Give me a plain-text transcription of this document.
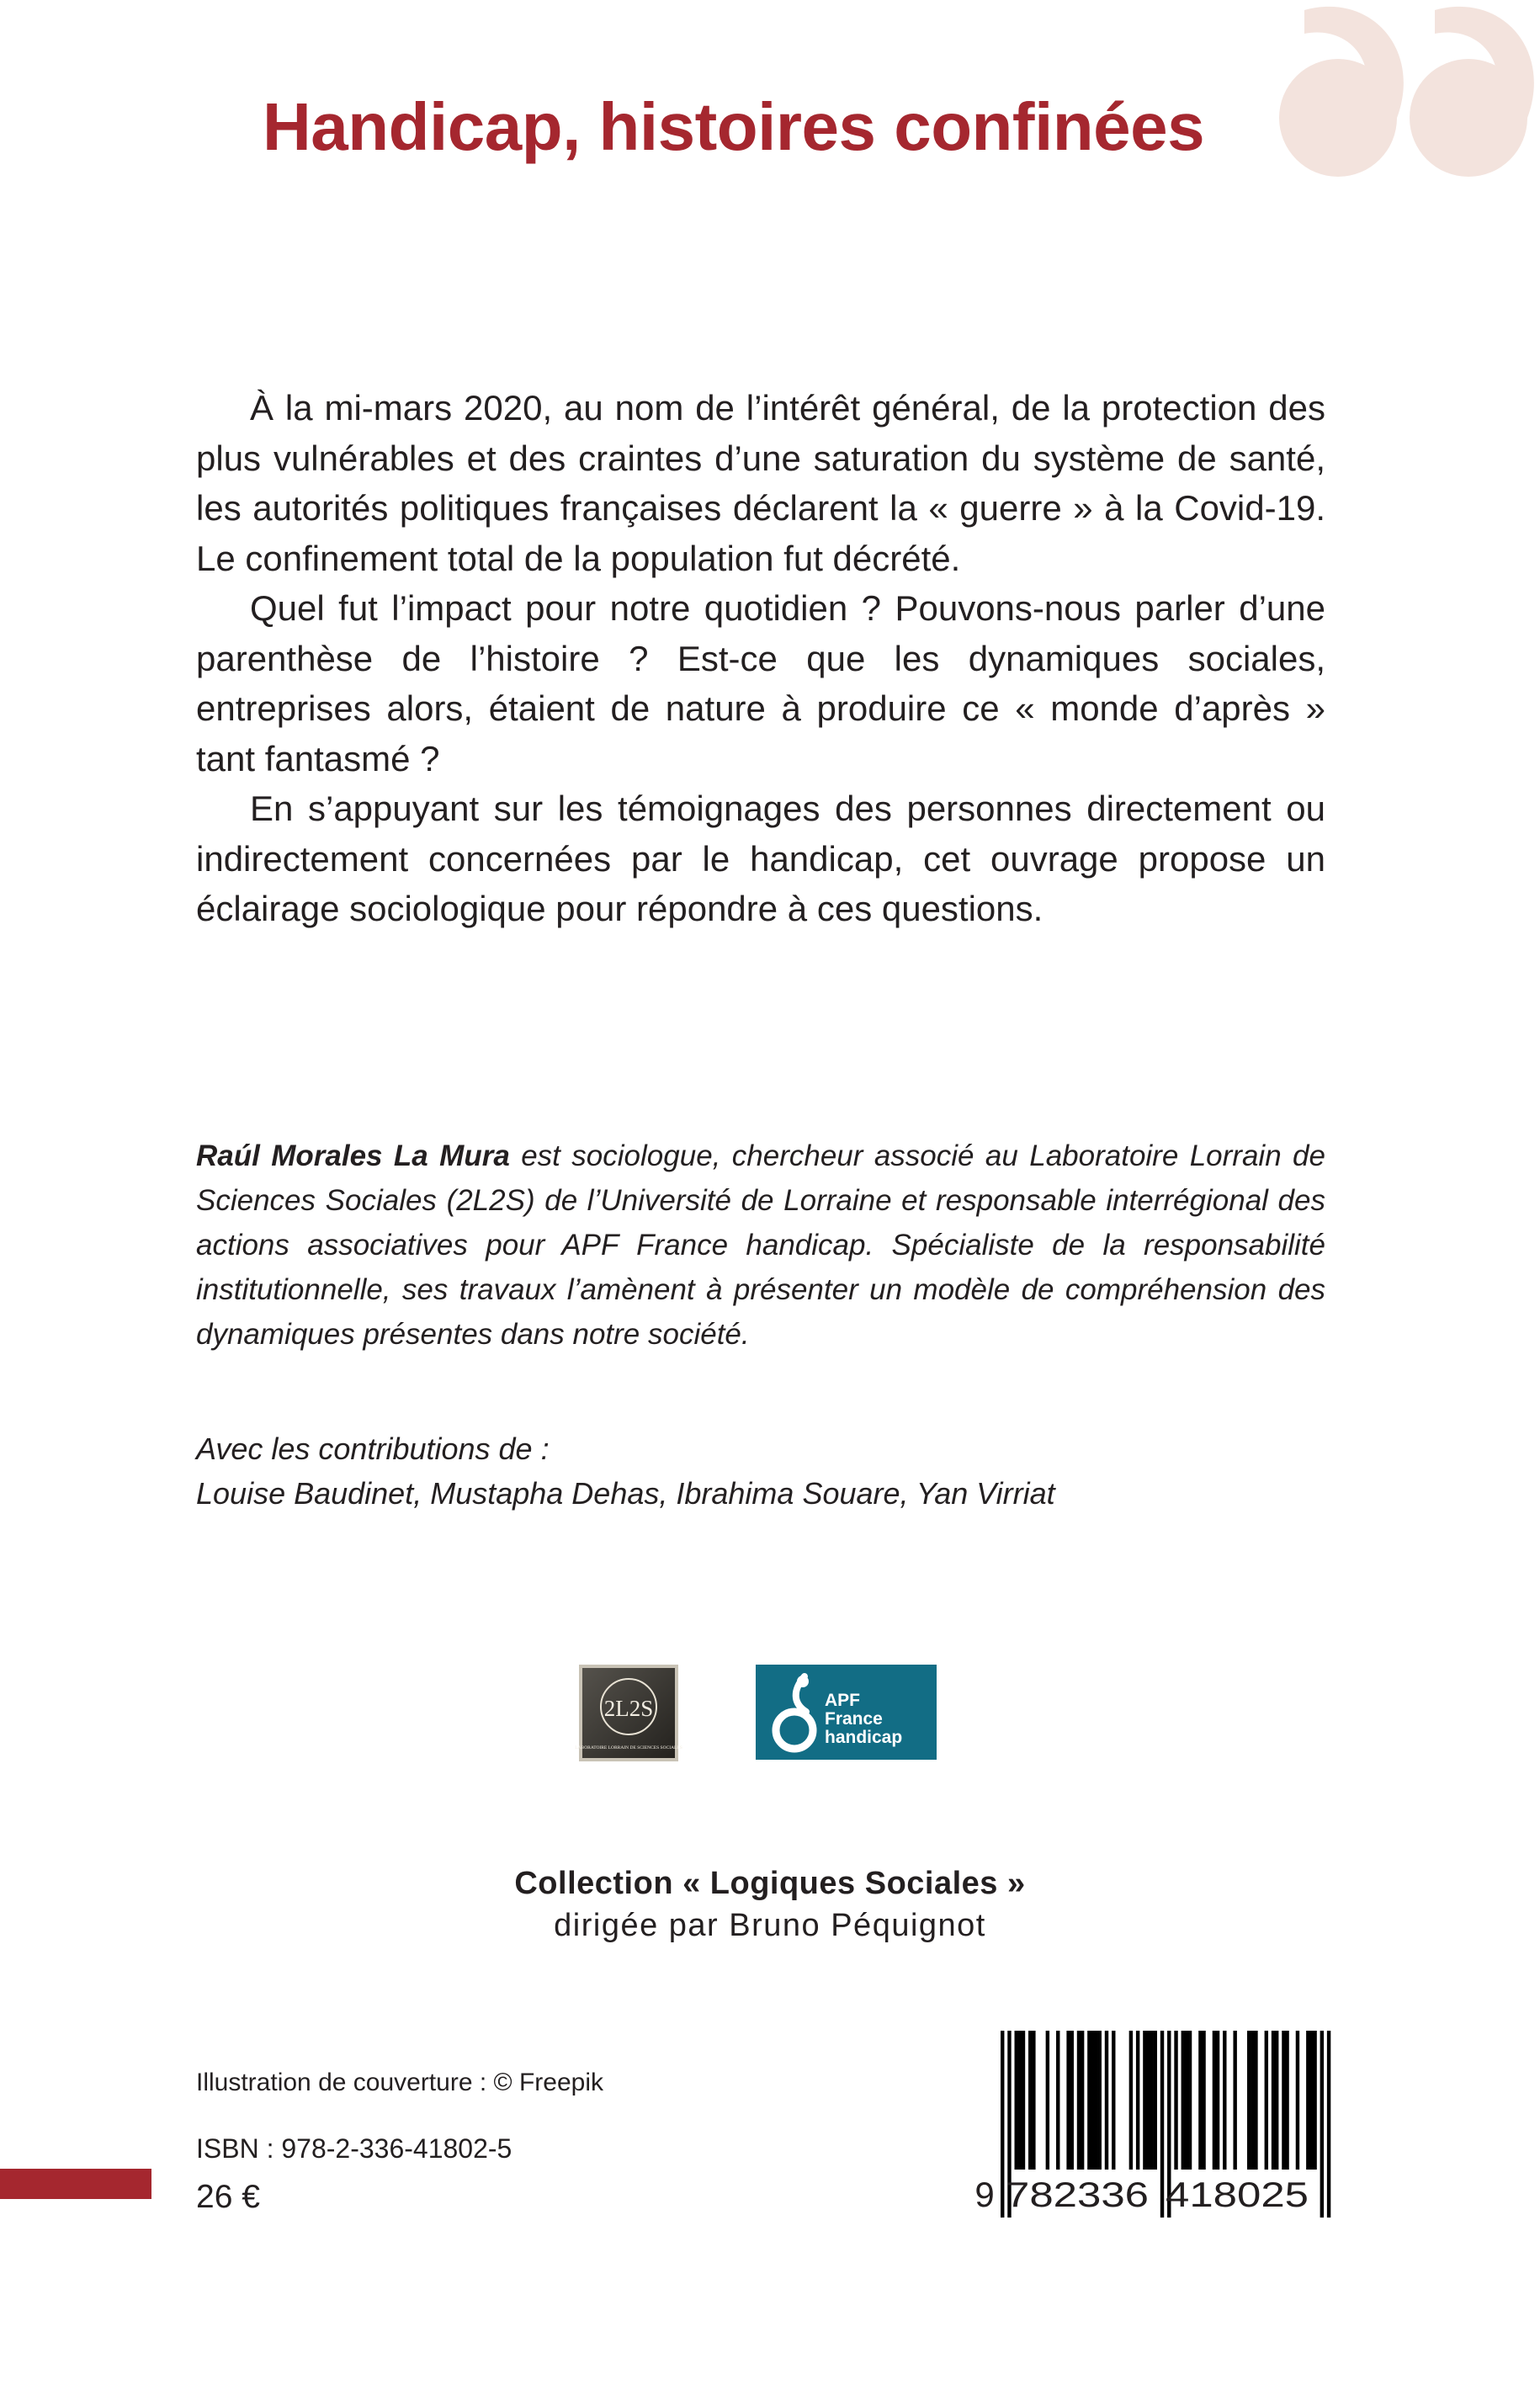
Handicap, histoires confinées

À la mi-mars 2020, au nom de l’intérêt général, de la protection des plus vulnérables et des craintes d’une saturation du système de santé, les autorités politiques françaises déclarent la « guerre » à la Covid-19. Le confinement total de la population fut décrété.

Quel fut l’impact pour notre quotidien ? Pouvons-nous parler d’une parenthèse de l’histoire ? Est-ce que les dynamiques sociales, entreprises alors, étaient de nature à produire ce « monde d’après » tant fantasmé ?

En s’appuyant sur les témoignages des personnes directement ou indirectement concernées par le handicap, cet ouvrage propose un éclairage sociologique pour répondre à ces questions.

Raúl Morales La Mura est sociologue, chercheur associé au Laboratoire Lorrain de Sciences Sociales (2L2S) de l’Université de Lorraine et responsable interrégional des actions associatives pour APF France handicap. Spécialiste de la responsabilité institutionnelle, ses travaux l’amènent à présenter un modèle de compréhension des dynamiques présentes dans notre société.
Avec les contributions de :
Louise Baudinet, Mustapha Dehas, Ibrahima Souare, Yan Virriat
2L2S
LABORATOIRE LORRAIN DE SCIENCES SOCIALES
APF
France
handicap
Collection « Logiques Sociales »
dirigée par Bruno Péquignot
Illustration de couverture : © Freepik
ISBN : 978-2-336-41802-5
26 €	9 782336 418025
